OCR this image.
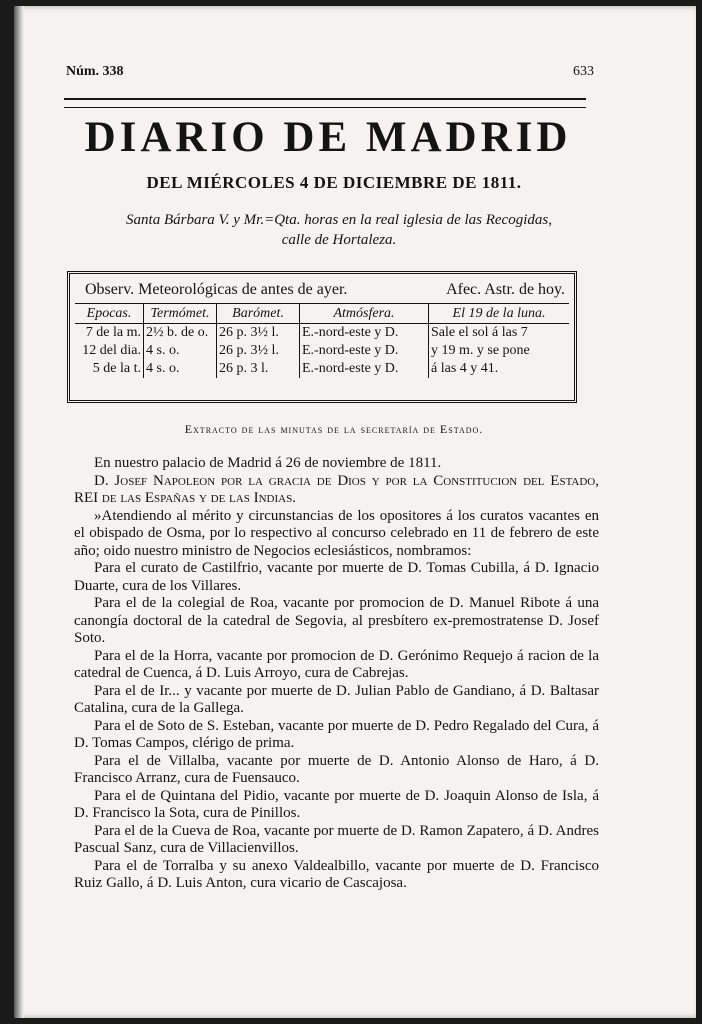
Núm. 338	633
DIARIO DE MADRID
DEL MIÉRCOLES 4 DE DICIEMBRE DE 1811.
Santa Bárbara V. y Mr.=Qta. horas en la real iglesia de las Recogidas,
calle de Hortaleza.
Observ. Meteorológicas de antes de ayer.	Afec. Astr. de hoy.
Epocas.	Termómet.	Barómet.	Atmósfera.	El 19 de la luna.
7 de la m.	2½ b. de o.	26 p. 3½ l.	E.-nord-este y D.	Sale el sol á las 7
12 del dia.	4 s. o.	26 p. 3½ l.	E.-nord-este y D.	y 19 m. y se pone
5 de la t.	4 s. o.	26 p. 3 l.	E.-nord-este y D.	á las 4 y 41.
Extracto de las minutas de la secretaría de Estado.

En nuestro palacio de Madrid á 26 de noviembre de 1811.

D. Josef Napoleon por la gracia de Dios y por la Constitucion del Estado, REI de las Españas y de las Indias.

»Atendiendo al mérito y circunstancias de los opositores á los curatos vacantes en el obispado de Osma, por lo respectivo al concurso celebrado en 11 de febrero de este año; oido nuestro ministro de Negocios eclesiásticos, nombramos:

Para el curato de Castilfrio, vacante por muerte de D. Tomas Cubilla, á D. Ignacio Duarte, cura de los Villares.

Para el de la colegial de Roa, vacante por promocion de D. Manuel Ribote á una canongía doctoral de la catedral de Segovia, al presbítero ex-premostratense D. Josef Soto.

Para el de la Horra, vacante por promocion de D. Gerónimo Requejo á racion de la catedral de Cuenca, á D. Luis Arroyo, cura de Cabrejas.

Para el de Ir... y vacante por muerte de D. Julian Pablo de Gandiano, á D. Baltasar Catalina, cura de la Gallega.

Para el de Soto de S. Esteban, vacante por muerte de D. Pedro Regalado del Cura, á D. Tomas Campos, clérigo de prima.

Para el de Villalba, vacante por muerte de D. Antonio Alonso de Haro, á D. Francisco Arranz, cura de Fuensauco.

Para el de Quintana del Pidio, vacante por muerte de D. Joaquin Alonso de Isla, á D. Francisco la Sota, cura de Pinillos.

Para el de la Cueva de Roa, vacante por muerte de D. Ramon Zapatero, á D. Andres Pascual Sanz, cura de Villacienvillos.

Para el de Torralba y su anexo Valdealbillo, vacante por muerte de D. Francisco Ruiz Gallo, á D. Luis Anton, cura vicario de Cascajosa.
